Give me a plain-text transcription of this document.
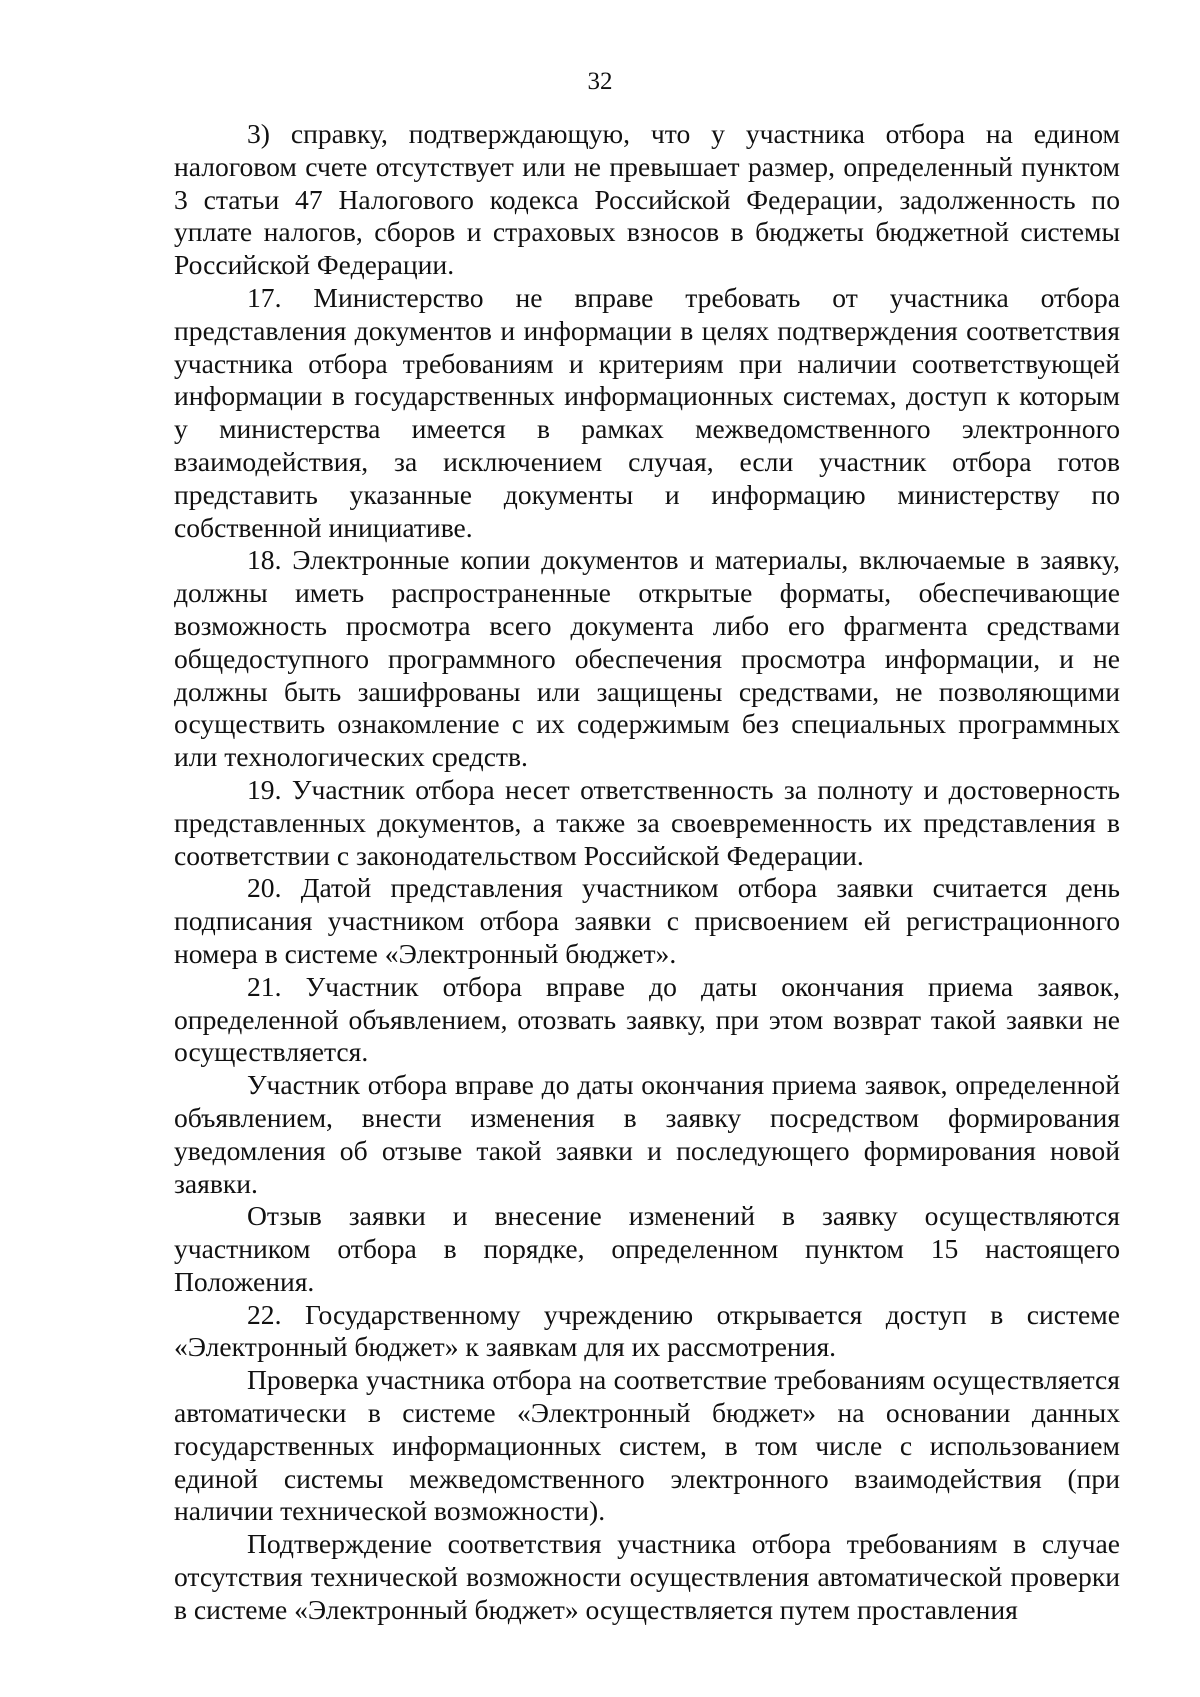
32

3) справку, подтверждающую, что у участника отбора на едином налоговом счете отсутствует или не превышает размер, определенный пунктом 3 статьи 47 Налогового кодекса Российской Федерации, задолженность по уплате налогов, сборов и страховых взносов в бюджеты бюджетной системы Российской Федерации.

17. Министерство не вправе требовать от участника отбора представления документов и информации в целях подтверждения соответствия участника отбора требованиям и критериям при наличии соответствующей информации в государственных информационных системах, доступ к которым у министерства имеется в рамках межведомственного электронного взаимодействия, за исключением случая, если участник отбора готов представить указанные документы и информацию министерству по собственной инициативе.

18. Электронные копии документов и материалы, включаемые в заявку, должны иметь распространенные открытые форматы, обеспечивающие возможность просмотра всего документа либо его фрагмента средствами общедоступного программного обеспечения просмотра информации, и не должны быть зашифрованы или защищены средствами, не позволяющими осуществить ознакомление с их содержимым без специальных программных или технологических средств.

19. Участник отбора несет ответственность за полноту и достоверность представленных документов, а также за своевременность их представления в соответствии с законодательством Российской Федерации.

20. Датой представления участником отбора заявки считается день подписания участником отбора заявки с присвоением ей регистрационного номера в системе «Электронный бюджет».

21. Участник отбора вправе до даты окончания приема заявок, определенной объявлением, отозвать заявку, при этом возврат такой заявки не осуществляется.

Участник отбора вправе до даты окончания приема заявок, определенной объявлением, внести изменения в заявку посредством формирования уведомления об отзыве такой заявки и последующего формирования новой заявки.

Отзыв заявки и внесение изменений в заявку осуществляются участником отбора в порядке, определенном пунктом 15 настоящего Положения.

22. Государственному учреждению открывается доступ в системе «Электронный бюджет» к заявкам для их рассмотрения.

Проверка участника отбора на соответствие требованиям осуществляется автоматически в системе «Электронный бюджет» на основании данных государственных информационных систем, в том числе с использованием единой системы межведомственного электронного взаимодействия (при наличии технической возможности).

Подтверждение соответствия участника отбора требованиям в случае отсутствия технической возможности осуществления автоматической проверки в системе «Электронный бюджет» осуществляется путем проставления
